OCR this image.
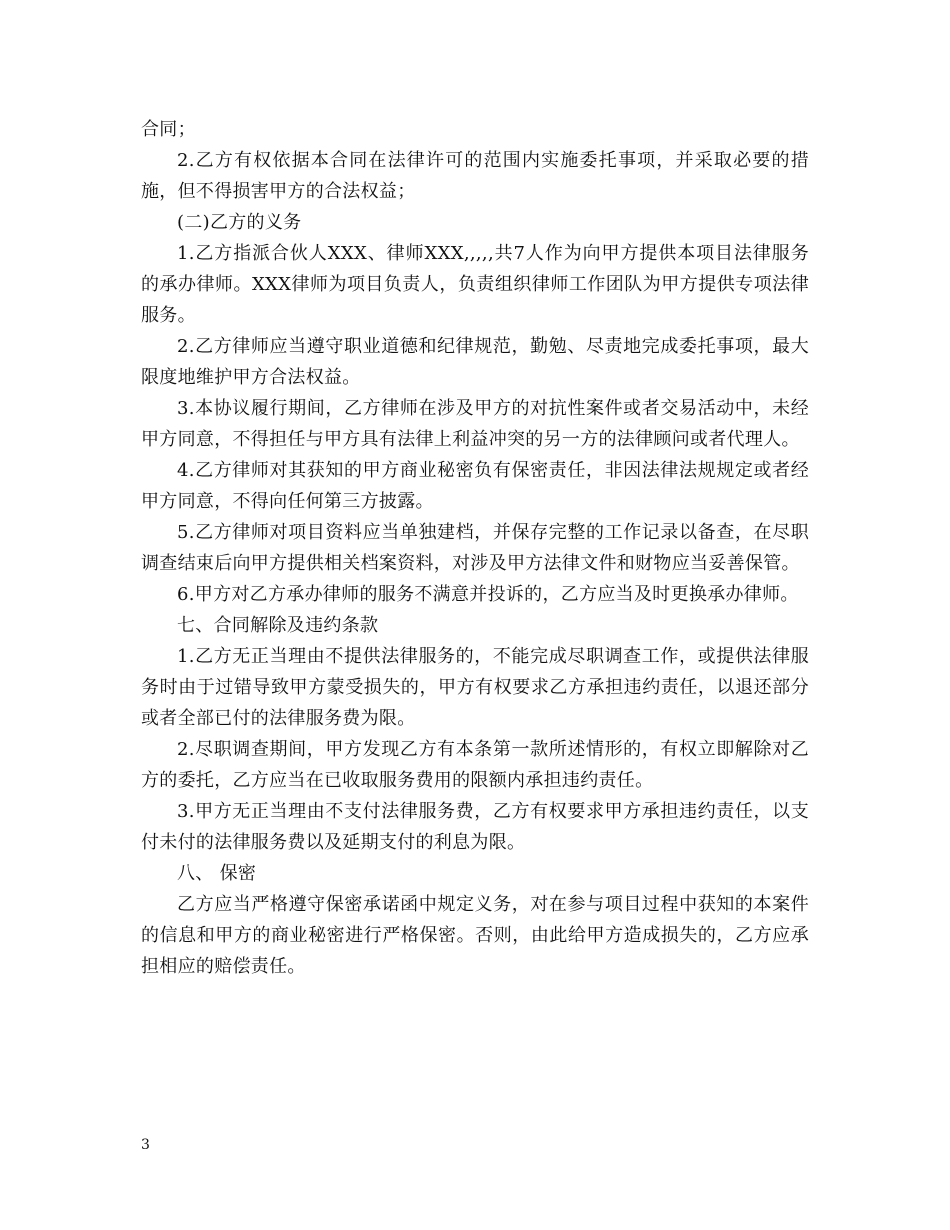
合同；

2.乙方有权依据本合同在法律许可的范围内实施委托事项，并采取必要的措施，但不得损害甲方的合法权益；

(二)乙方的义务

1.乙方指派合伙人XXX、律师XXX,,,,,共7人作为向甲方提供本项目法律服务的承办律师。XXX律师为项目负责人，负责组织律师工作团队为甲方提供专项法律服务。

2.乙方律师应当遵守职业道德和纪律规范，勤勉、尽责地完成委托事项，最大限度地维护甲方合法权益。

3.本协议履行期间，乙方律师在涉及甲方的对抗性案件或者交易活动中，未经甲方同意，不得担任与甲方具有法律上利益冲突的另一方的法律顾问或者代理人。

4.乙方律师对其获知的甲方商业秘密负有保密责任，非因法律法规规定或者经甲方同意，不得向任何第三方披露。

5.乙方律师对项目资料应当单独建档，并保存完整的工作记录以备查，在尽职调查结束后向甲方提供相关档案资料，对涉及甲方法律文件和财物应当妥善保管。

6.甲方对乙方承办律师的服务不满意并投诉的，乙方应当及时更换承办律师。

七、合同解除及违约条款

1.乙方无正当理由不提供法律服务的，不能完成尽职调查工作，或提供法律服务时由于过错导致甲方蒙受损失的，甲方有权要求乙方承担违约责任，以退还部分或者全部已付的法律服务费为限。

2.尽职调查期间，甲方发现乙方有本条第一款所述情形的，有权立即解除对乙方的委托，乙方应当在已收取服务费用的限额内承担违约责任。

3.甲方无正当理由不支付法律服务费，乙方有权要求甲方承担违约责任，以支付未付的法律服务费以及延期支付的利息为限。

八、 保密

乙方应当严格遵守保密承诺函中规定义务，对在参与项目过程中获知的本案件的信息和甲方的商业秘密进行严格保密。否则，由此给甲方造成损失的，乙方应承担相应的赔偿责任。

3
